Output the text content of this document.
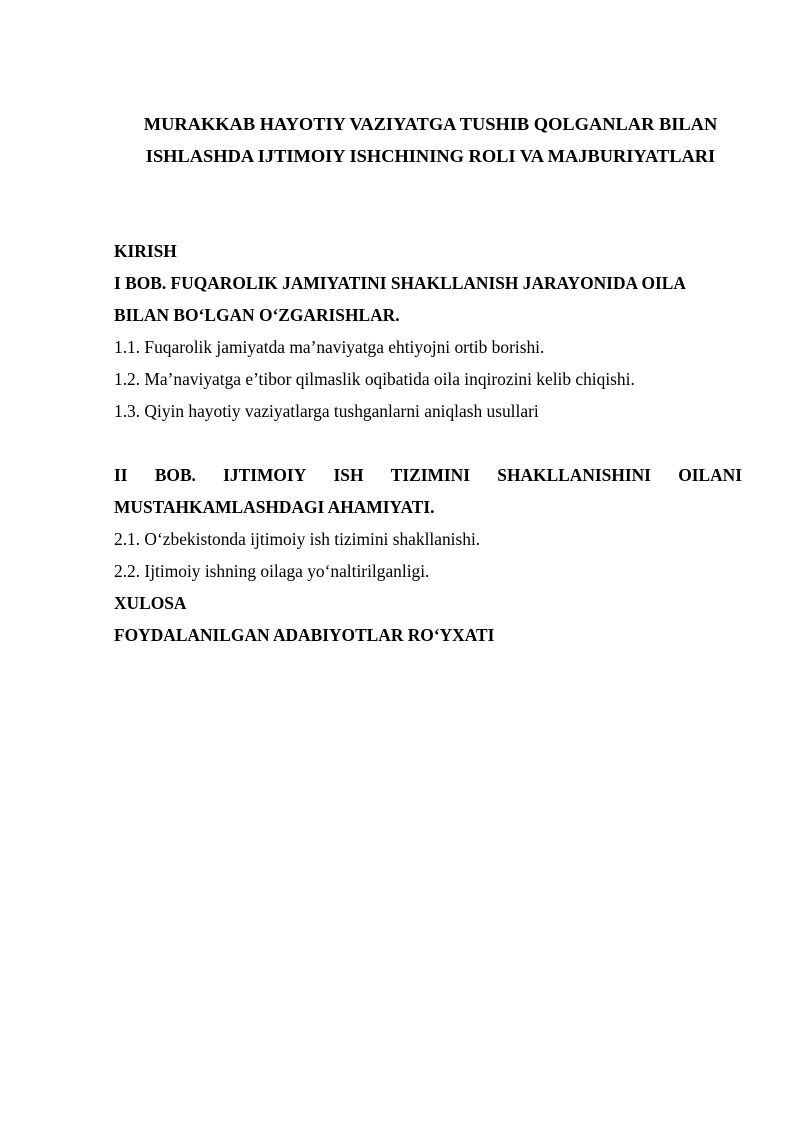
MURAKKAB HAYOTIY VAZIYATGA TUSHIB QOLGANLAR BILAN
ISHLASHDA IJTIMOIY ISHCHINING ROLI VA MAJBURIYATLARI
KIRISH
I BOB. FUQAROLIK JAMIYATINI SHAKLLANISH JARAYONIDA OILA
BILAN BO‘LGAN O‘ZGARISHLAR.
1.1. Fuqarolik jamiyatda ma’naviyatga ehtiyojni ortib borishi.
1.2. Ma’naviyatga e’tibor qilmaslik oqibatida oila inqirozini kelib chiqishi.
1.3. Qiyin hayotiy vaziyatlarga tushganlarni aniqlash usullari
II BOB. IJTIMOIY ISH TIZIMINI SHAKLLANISHINI OILANI
MUSTAHKAMLASHDAGI AHAMIYATI.
2.1. O‘zbekistonda ijtimoiy ish tizimini shakllanishi.
2.2. Ijtimoiy ishning oilaga yo‘naltirilganligi.
XULOSA
FOYDALANILGAN ADABIYOTLAR RO‘YXATI
